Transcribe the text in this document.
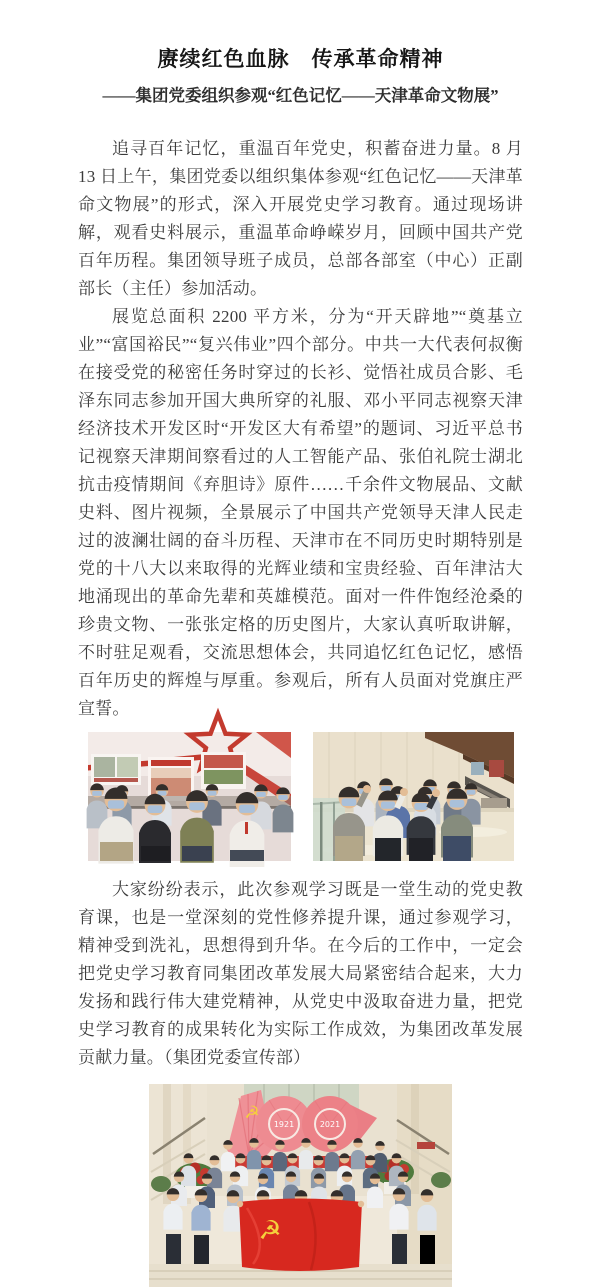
赓续红色血脉　传承革命精神
——集团党委组织参观“红色记忆——天津革命文物展”

追寻百年记忆，重温百年党史，积蓄奋进力量。8 月 13 日上午，集团党委以组织集体参观“红色记忆——天津革命文物展”的形式，深入开展党史学习教育。通过现场讲解，观看史料展示，重温革命峥嵘岁月，回顾中国共产党百年历程。集团领导班子成员，总部各部室（中心）正副部长（主任）参加活动。

展览总面积 2200 平方米，分为“开天辟地”“奠基立业”“富国裕民”“复兴伟业”四个部分。中共一大代表何叔衡在接受党的秘密任务时穿过的长衫、觉悟社成员合影、毛泽东同志参加开国大典所穿的礼服、邓小平同志视察天津经济技术开发区时“开发区大有希望”的题词、习近平总书记视察天津期间察看过的人工智能产品、张伯礼院士湖北抗击疫情期间《弃胆诗》原件……千余件文物展品、文献史料、图片视频，全景展示了中国共产党领导天津人民走过的波澜壮阔的奋斗历程、天津市在不同历史时期特别是党的十八大以来取得的光辉业绩和宝贵经验、百年津沽大地涌现出的革命先辈和英雄模范。面对一件件饱经沧桑的珍贵文物、一张张定格的历史图片，大家认真听取讲解，不时驻足观看，交流思想体会，共同追忆红色记忆，感悟百年历史的辉煌与厚重。参观后，所有人员面对党旗庄严宣誓。

大家纷纷表示，此次参观学习既是一堂生动的党史教育课，也是一堂深刻的党性修养提升课，通过参观学习，精神受到洗礼，思想得到升华。在今后的工作中，一定会把党史学习教育同集团改革发展大局紧密结合起来，大力发扬和践行伟大建党精神，从党史中汲取奋进力量，把党史学习教育的成果转化为实际工作成效，为集团改革发展贡献力量。（集团党委宣传部）

1921	2021
☭
☭
